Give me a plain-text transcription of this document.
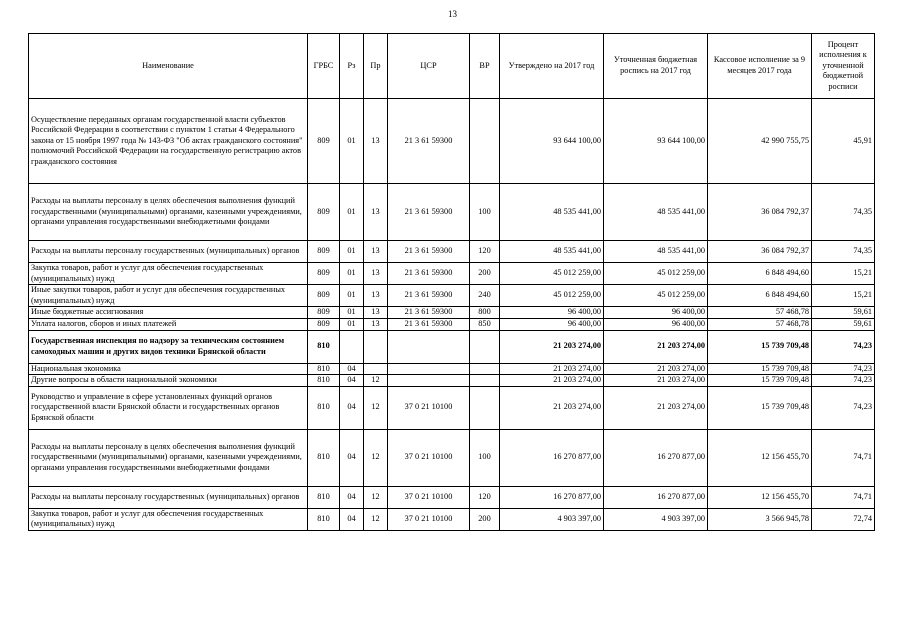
13
Наименование	ГРБС	Рз	Пр	ЦСР	ВР	Утверждено на 2017 год	Уточненная бюджетная роспись на 2017 год	Кассовое исполнение за 9 месяцев 2017 года	Процент исполнения к уточненной бюджетной росписи
Осуществление переданных органам государственной власти субъектов Российской Федерации в соответствии с пунктом 1 статьи 4 Федерального закона от 15 ноября 1997 года № 143-ФЗ "Об актах гражданского состояния" полномочий Российской Федерации на государственную регистрацию актов гражданского состояния	809	01	13	21 3 61 59300		93 644 100,00	93 644 100,00	42 990 755,75	45,91
Расходы на выплаты персоналу в целях обеспечения выполнения функций государственными (муниципальными) органами, казенными учреждениями, органами управления государственными внебюджетными фондами	809	01	13	21 3 61 59300	100	48 535 441,00	48 535 441,00	36 084 792,37	74,35
Расходы на выплаты персоналу государственных (муниципальных) органов	809	01	13	21 3 61 59300	120	48 535 441,00	48 535 441,00	36 084 792,37	74,35
Закупка товаров, работ и услуг для обеспечения государственных (муниципальных) нужд	809	01	13	21 3 61 59300	200	45 012 259,00	45 012 259,00	6 848 494,60	15,21
Иные закупки товаров, работ и услуг для обеспечения государственных (муниципальных) нужд	809	01	13	21 3 61 59300	240	45 012 259,00	45 012 259,00	6 848 494,60	15,21
Иные бюджетные ассигнования	809	01	13	21 3 61 59300	800	96 400,00	96 400,00	57 468,78	59,61
Уплата налогов, сборов и иных платежей	809	01	13	21 3 61 59300	850	96 400,00	96 400,00	57 468,78	59,61
Государственная инспекция по надзору за техническим состоянием самоходных машин и других видов техники Брянской области	810					21 203 274,00	21 203 274,00	15 739 709,48	74,23
Национальная экономика	810	04				21 203 274,00	21 203 274,00	15 739 709,48	74,23
Другие вопросы в области национальной экономики	810	04	12			21 203 274,00	21 203 274,00	15 739 709,48	74,23
Руководство и управление в сфере установленных функций органов государственной власти Брянской области и государственных органов Брянской области	810	04	12	37 0 21 10100		21 203 274,00	21 203 274,00	15 739 709,48	74,23
Расходы на выплаты персоналу в целях обеспечения выполнения функций государственными (муниципальными) органами, казенными учреждениями, органами управления государственными внебюджетными фондами	810	04	12	37 0 21 10100	100	16 270 877,00	16 270 877,00	12 156 455,70	74,71
Расходы на выплаты персоналу государственных (муниципальных) органов	810	04	12	37 0 21 10100	120	16 270 877,00	16 270 877,00	12 156 455,70	74,71
Закупка товаров, работ и услуг для обеспечения государственных (муниципальных) нужд	810	04	12	37 0 21 10100	200	4 903 397,00	4 903 397,00	3 566 945,78	72,74
